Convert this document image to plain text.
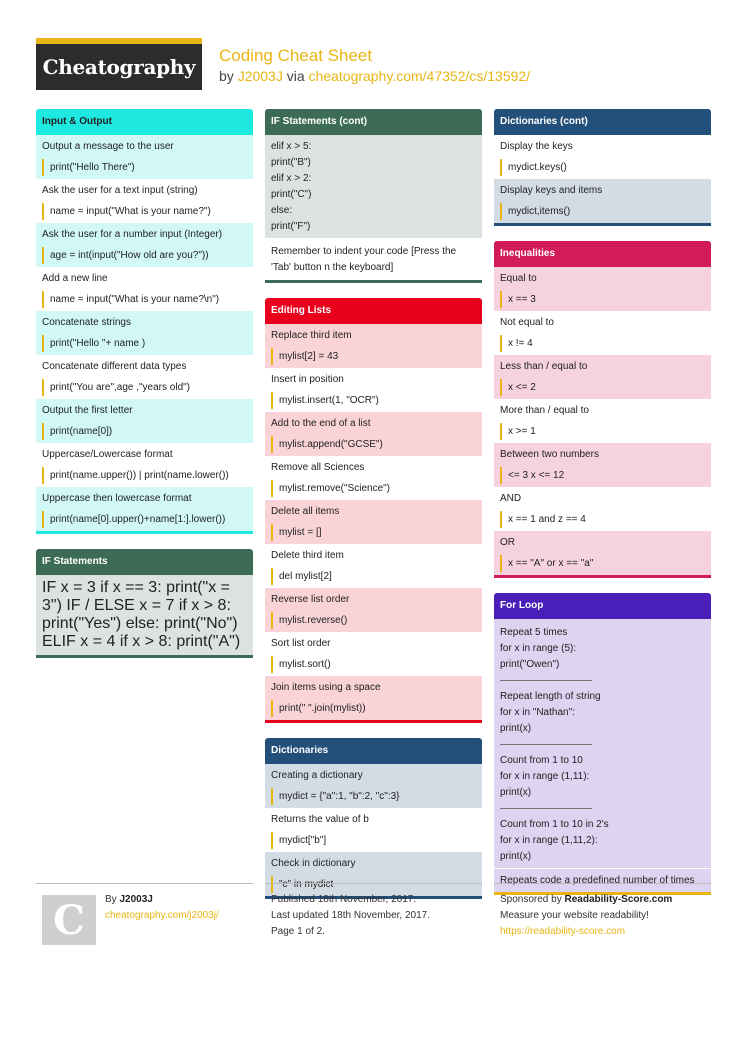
Cheatography Coding Cheat Sheet
by J2003J via cheatography.com/47352/cs/13592/
Input & Output
Output a message to the user
print("Hello There")
Ask the user for a text input (string)
name = input("What is your name?")
Ask the user for a number input (Integer)
age = int(input("How old are you?"))
Add a new line
name = input("What is your name?\n")
Concatenate strings
print("Hello "+ name )
Concatenate different data types
print("You are",age ,"years old")
Output the first letter
print(name[0])
Uppercase/Lowercase format
print(name.upper()) | print(name.lower())
Uppercase then lowercase format
print(name[0].upper()+name[1:].lower())
IF Statements
IF x = 3 if x == 3: print("x = 3") IF / ELSE x = 7 if x > 8: print("Yes") else: print("No") ELIF x = 4 if x > 8: print("A")
IF Statements (cont)
elif x > 5:
print("B")
elif x > 2:
print("C")
else:
print("F")
Remember to indent your code [Press the 'Tab' button n the keyboard]
Editing Lists
Replace third item
mylist[2] = 43
Insert in position
mylist.insert(1, "OCR")
Add to the end of a list
mylist.append("GCSE")
Remove all Sciences
mylist.remove("Science")
Delete all items
mylist = []
Delete third item
del mylist[2]
Reverse list order
mylist.reverse()
Sort list order
mylist.sort()
Join items using a space
print(" ".join(mylist))
Dictionaries
Creating a dictionary
mydict = {"a":1, "b":2, "c":3}
Returns the value of b
mydict["b"]
Check in dictionary
"c" in mydict
Dictionaries (cont)
Display the keys
mydict.keys()
Display keys and items
mydict,items()
Inequalities
Equal to
x == 3
Not equal to
x != 4
Less than / equal to
x <= 2
More than / equal to
x >= 1
Between two numbers
<= 3 x <= 12
AND
x == 1 and z == 4
OR
x == "A" or x == "a"
For Loop
Repeat 5 times
for x in range (5):
print("Owen")
Repeat length of string
for x in "Nathan":
print(x)
Count from 1 to 10
for x in range (1,11):
print(x)
Count from 1 to 10 in 2's
for x in range (1,11,2):
print(x)
Repeats code a predefined number of times
C By J2003J
cheatography.com/j2003j/
Published 18th November, 2017.
Last updated 18th November, 2017.
Page 1 of 2.
Sponsored by Readability-Score.com
Measure your website readability!
https://readability-score.com
